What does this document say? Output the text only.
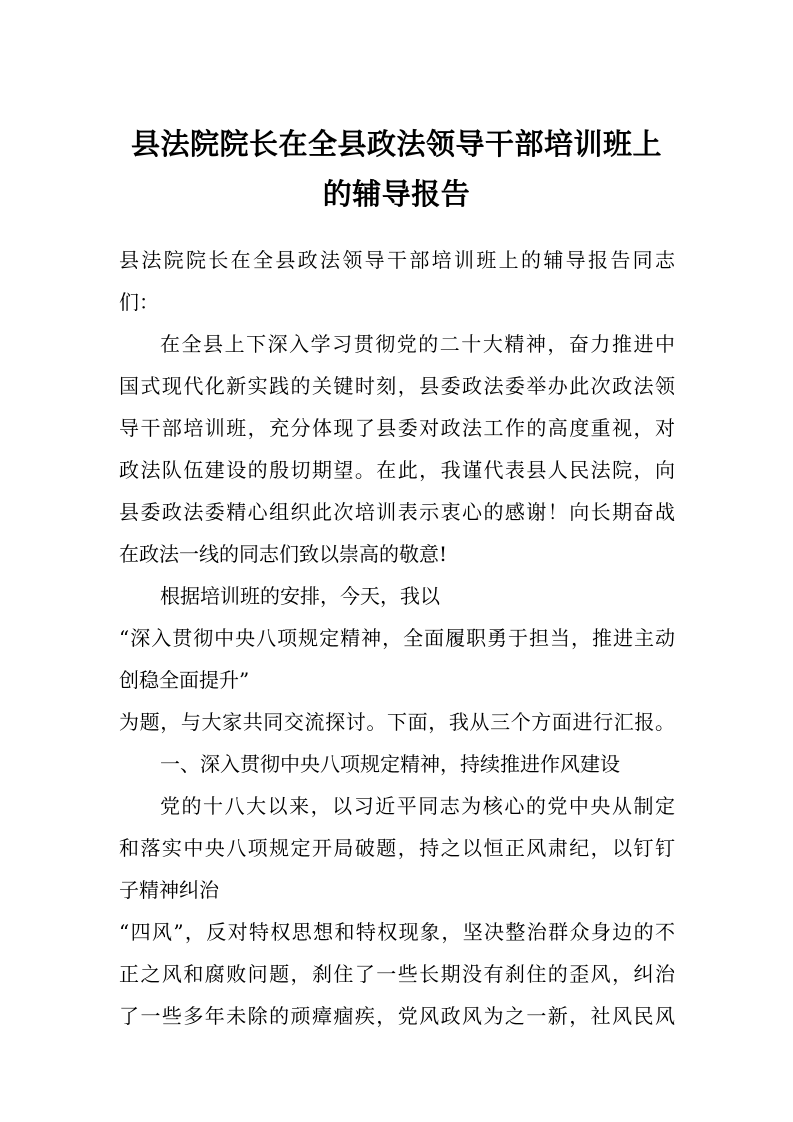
县法院院长在全县政法领导干部培训班上
的辅导报告

县法院院长在全县政法领导干部培训班上的辅导报告同志

们：

在全县上下深入学习贯彻党的二十大精神，奋力推进中

国式现代化新实践的关键时刻，县委政法委举办此次政法领

导干部培训班，充分体现了县委对政法工作的高度重视，对

政法队伍建设的殷切期望。在此，我谨代表县人民法院，向

县委政法委精心组织此次培训表示衷心的感谢！向长期奋战

在政法一线的同志们致以崇高的敬意!

根据培训班的安排，今天，我以

“深入贯彻中央八项规定精神，全面履职勇于担当，推进主动

创稳全面提升”

为题，与大家共同交流探讨。下面，我从三个方面进行汇报。

一、深入贯彻中央八项规定精神，持续推进作风建设

党的十八大以来，以习近平同志为核心的党中央从制定

和落实中央八项规定开局破题，持之以恒正风肃纪，以钉钉

子精神纠治

“四风”，反对特权思想和特权现象，坚决整治群众身边的不

正之风和腐败问题，刹住了一些长期没有刹住的歪风，纠治

了一些多年未除的顽瘴痼疾，党风政风为之一新，社风民风
